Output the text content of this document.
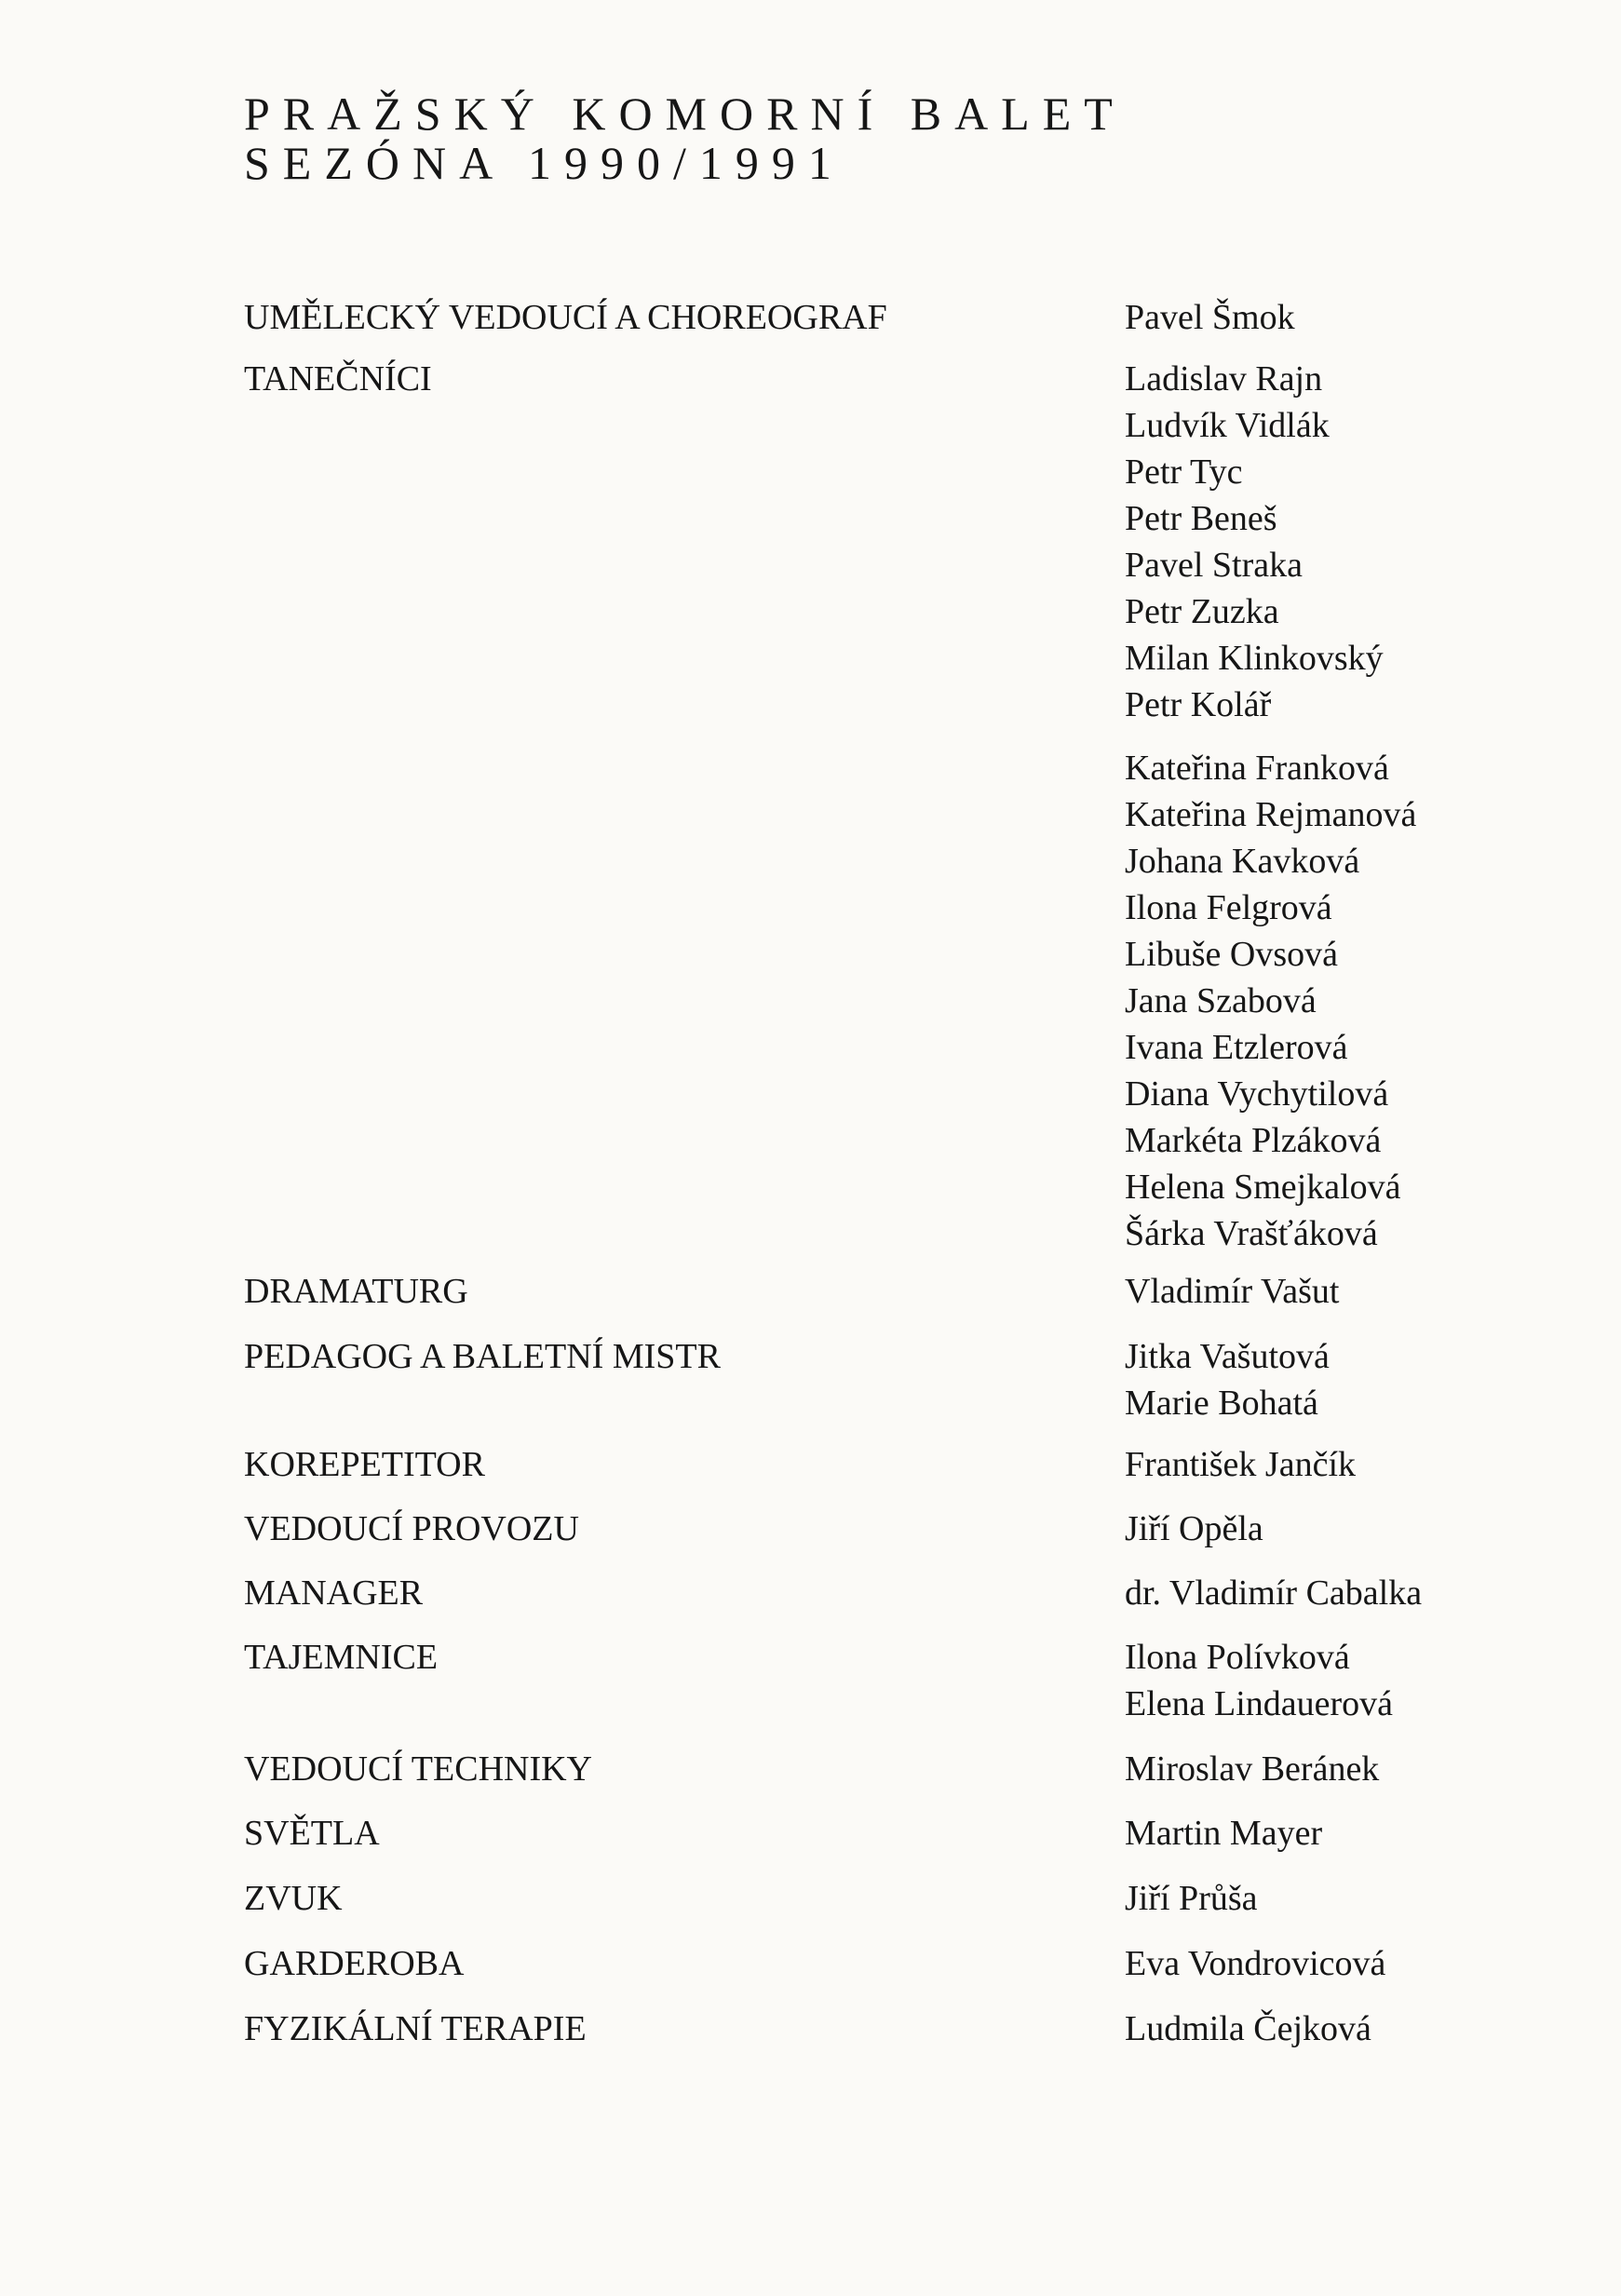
PRAŽSKÝ KOMORNÍ BALET
SEZÓNA 1990/1991
UMĚLECKÝ VEDOUCÍ A CHOREOGRAF	Pavel Šmok
TANEČNÍCI	Ladislav Rajn
Ludvík Vidlák
Petr Tyc
Petr Beneš
Pavel Straka
Petr Zuzka
Milan Klinkovský
Petr Kolář
Kateřina Franková
Kateřina Rejmanová
Johana Kavková
Ilona Felgrová
Libuše Ovsová
Jana Szabová
Ivana Etzlerová
Diana Vychytilová
Markéta Plzáková
Helena Smejkalová
Šárka Vrašťáková
DRAMATURG	Vladimír Vašut
PEDAGOG A BALETNÍ MISTR	Jitka Vašutová
Marie Bohatá
KOREPETITOR	František Jančík
VEDOUCÍ PROVOZU	Jiří Opěla
MANAGER	dr. Vladimír Cabalka
TAJEMNICE	Ilona Polívková
Elena Lindauerová
VEDOUCÍ TECHNIKY	Miroslav Beránek
SVĚTLA	Martin Mayer
ZVUK	Jiří Průša
GARDEROBA	Eva Vondrovicová
FYZIKÁLNÍ TERAPIE	Ludmila Čejková
